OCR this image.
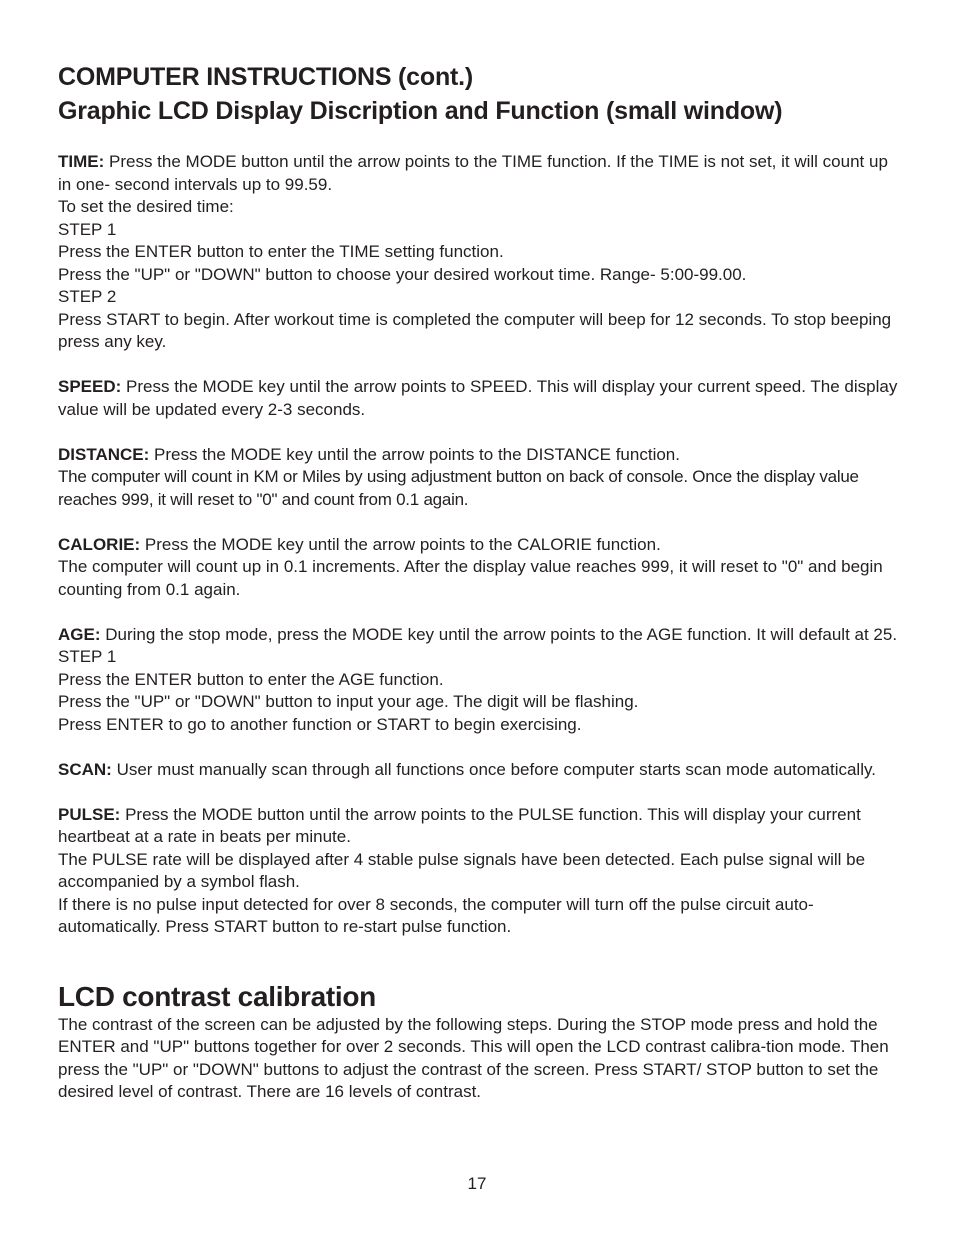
COMPUTER INSTRUCTIONS (cont.)
Graphic LCD Display Discription and Function (small window)

TIME: Press the MODE button until the arrow points to the TIME function. If the TIME is not set, it will count up in one- second intervals up to 99.59.

To set the desired time:

STEP 1

Press the ENTER button to enter the TIME setting function.

Press the "UP" or "DOWN" button to choose your desired workout time. Range- 5:00-99.00.

STEP 2

Press START to begin. After workout time is completed the computer will beep for 12 seconds. To stop beeping press any key.

SPEED: Press the MODE key until the arrow points to SPEED. This will display your current speed. The display value will be updated every 2-3 seconds.

DISTANCE: Press the MODE key until the arrow points to the DISTANCE function.

The computer will count in KM or Miles by using adjustment button on back of console. Once the display value reaches 999, it will reset to "0" and count from 0.1 again.

CALORIE: Press the MODE key until the arrow points to the CALORIE function.

The computer will count up in 0.1 increments. After the display value reaches 999, it will reset to "0" and begin counting from 0.1 again.

AGE: During the stop mode, press the MODE key until the arrow points to the AGE function. It will default at 25.

STEP 1

Press the ENTER button to enter the AGE function.

Press the "UP" or "DOWN" button to input your age. The digit will be flashing.

Press ENTER to go to another function or START to begin exercising.

SCAN: User must manually scan through all functions once before computer starts scan mode automatically.

PULSE: Press the MODE button until the arrow points to the PULSE function. This will display your current heartbeat at a rate in beats per minute.

The PULSE rate will be displayed after 4 stable pulse signals have been detected. Each pulse signal will be accompanied by a symbol flash.

If there is no pulse input detected for over 8 seconds, the computer will turn off the pulse circuit auto-automatically. Press START button to re-start pulse function.

LCD contrast calibration

The contrast of the screen can be adjusted by the following steps. During the STOP mode press and hold the ENTER and "UP" buttons together for over 2 seconds. This will open the LCD contrast calibra-tion mode. Then press the "UP" or "DOWN" buttons to adjust the contrast of the screen. Press START/ STOP button to set the desired level of contrast. There are 16 levels of contrast.

17
